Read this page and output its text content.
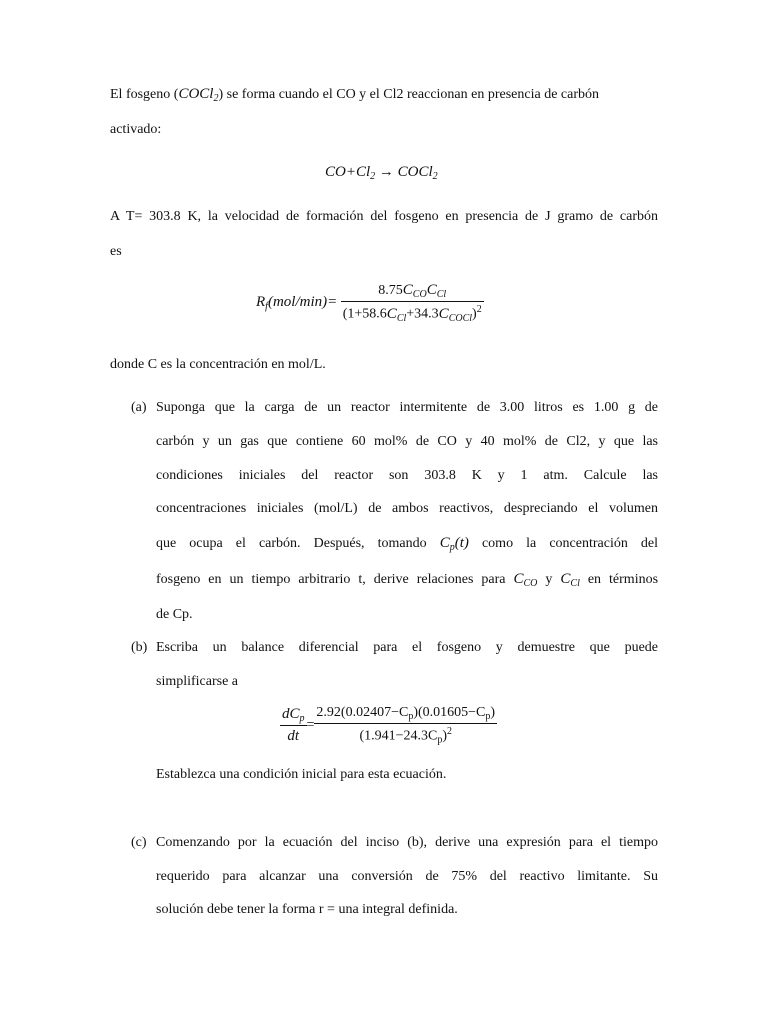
El fosgeno (COCl$_2$) se forma cuando el CO y el Cl2 reaccionan en presencia de carbón
activado:
$CO+Cl_2$ → COCl$_2$
A T= 303.8 K, la velocidad de formación del fosgeno en presencia de J gramo de carbón
es
$R_f(mol/\min)= \frac{8.75C_{CO}C_{Cl}}{(1+58.6C_{Cl}+34.3C_{COCl})^2}$
donde C es la concentración en mol/L.
(a) Suponga que la carga de un reactor intermitente de 3.00 litros es 1.00 g de
carbón y un gas que contiene 60 mol% de CO y 40 mol% de Cl2, y que las
condiciones iniciales del reactor son 303.8 K y 1 atm. Calcule las
concentraciones iniciales (mol/L) de ambos reactivos, despreciando el volumen
que ocupa el carbón. Después, tomando $C_p(t)$ como la concentración del
fosgeno en un tiempo arbitrario t, derive relaciones para $C_{CO}$ y $C_{Cl}$ en términos
de Cp.
(b) Escriba un balance diferencial para el fosgeno y demuestre que puede
simplificarse a
$\frac{dC_p}{dt} = \frac{2.92(0.02407-C_p)(0.01605-C_p)}{(1.941-24.3C_p)^2}$
Establezca una condición inicial para esta ecuación.
(c) Comenzando por la ecuación del inciso (b), derive una expresión para el tiempo
requerido para alcanzar una conversión de 75% del reactivo limitante. Su
solución debe tener la forma r = una integral definida.
